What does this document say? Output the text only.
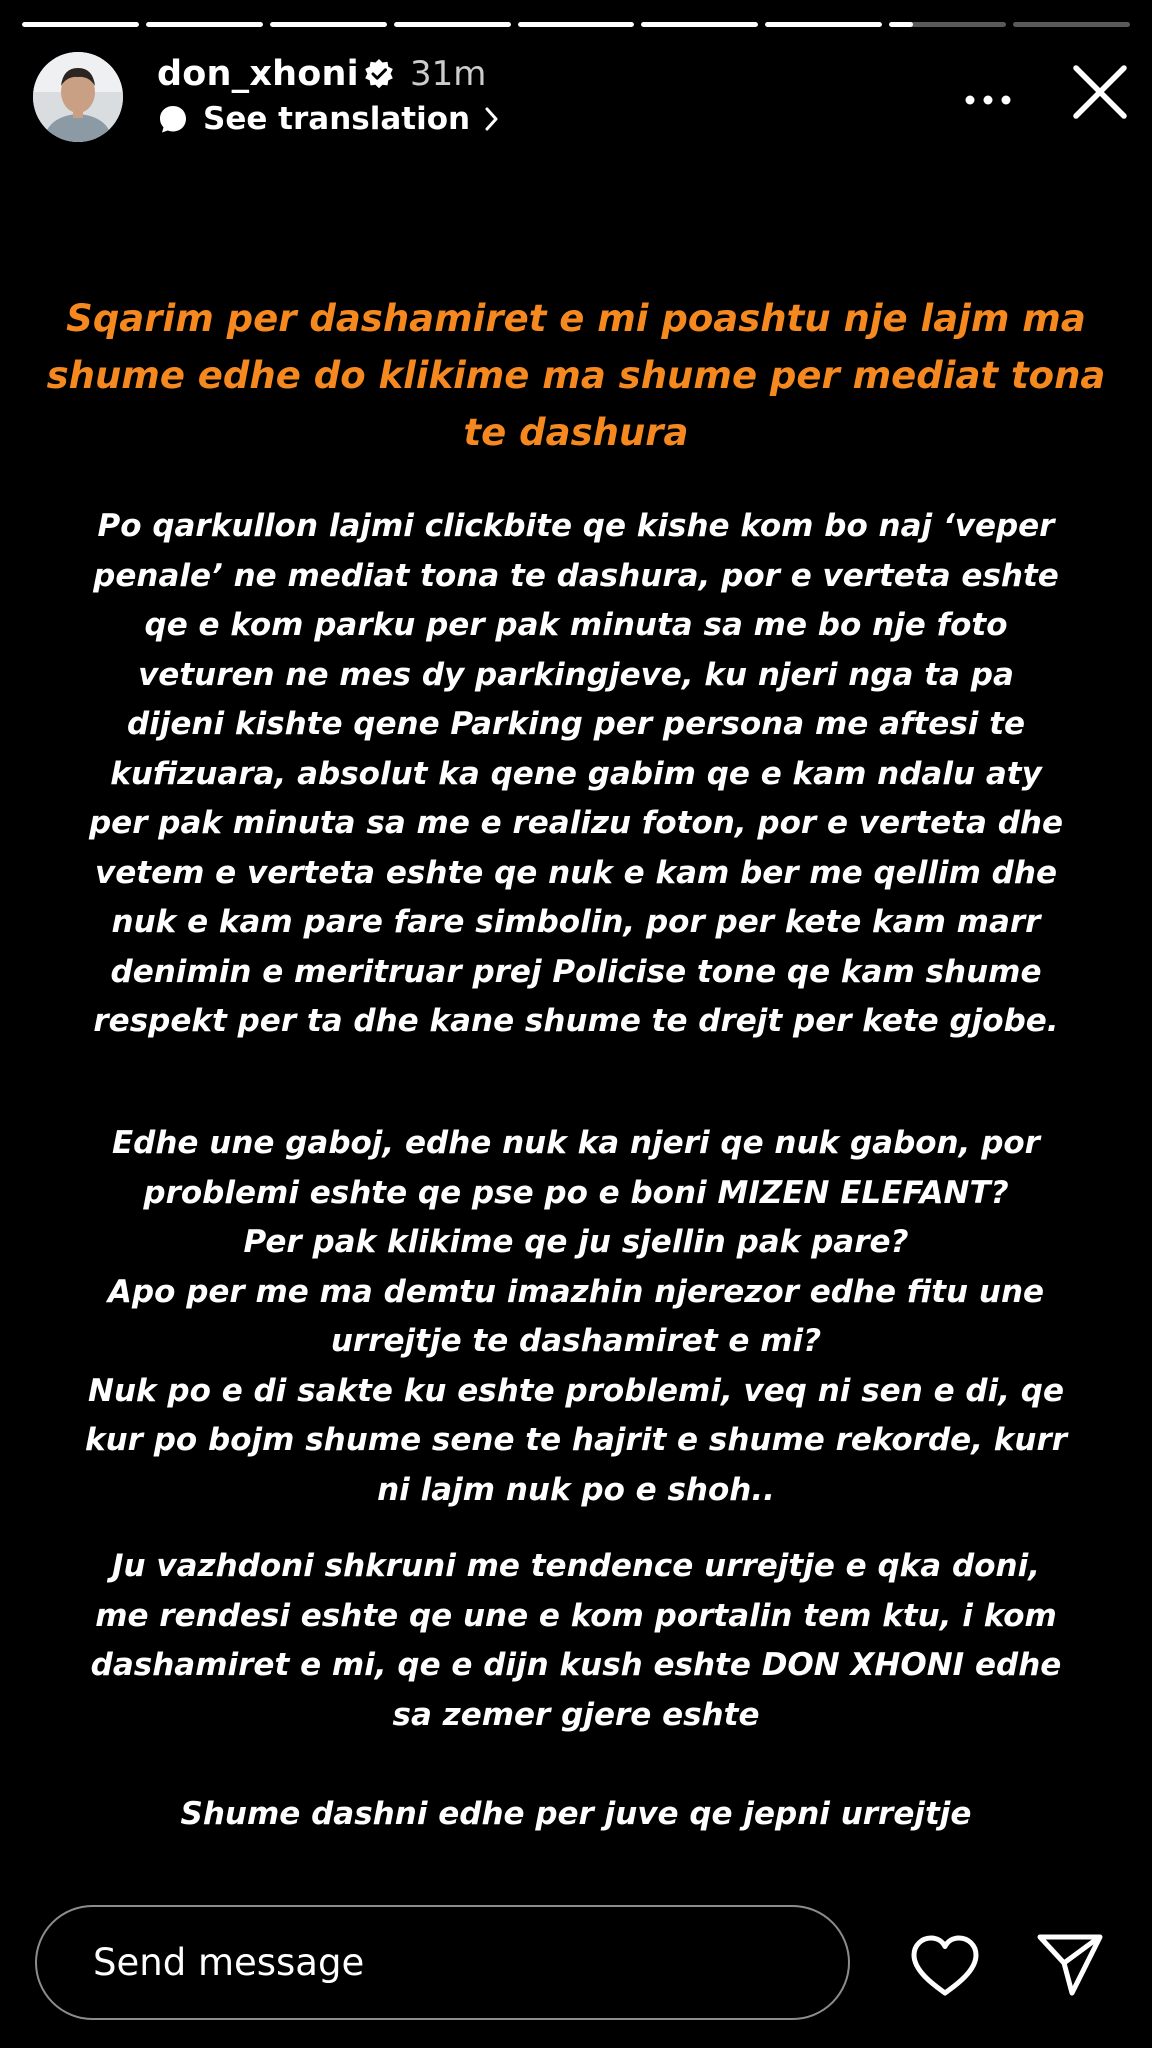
don_xhoni 31m
See translation

Sqarim per dashamiret e mi poashtu nje lajm ma shume edhe do klikime ma shume per mediat tona te dashura

Po qarkullon lajmi clickbite qe kishe kom bo naj ‘veper
penale’ ne mediat tona te dashura, por e verteta eshte
qe e kom parku per pak minuta sa me bo nje foto
veturen ne mes dy parkingjeve, ku njeri nga ta pa
dijeni kishte qene Parking per persona me aftesi te
kufizuara, absolut ka qene gabim qe e kam ndalu aty
per pak minuta sa me e realizu foton, por e verteta dhe
vetem e verteta eshte qe nuk e kam ber me qellim dhe
nuk e kam pare fare simbolin, por per kete kam marr
denimin e meritruar prej Policise tone qe kam shume
respekt per ta dhe kane shume te drejt per kete gjobe.

Edhe une gaboj, edhe nuk ka njeri qe nuk gabon, por
problemi eshte qe pse po e boni MIZEN ELEFANT?
Per pak klikime qe ju sjellin pak pare?
Apo per me ma demtu imazhin njerezor edhe fitu une
urrejtje te dashamiret e mi?
Nuk po e di sakte ku eshte problemi, veq ni sen e di, qe
kur po bojm shume sene te hajrit e shume rekorde, kurr
ni lajm nuk po e shoh..

Ju vazhdoni shkruni me tendence urrejtje e qka doni,
me rendesi eshte qe une e kom portalin tem ktu, i kom
dashamiret e mi, qe e dijn kush eshte DON XHONI edhe
sa zemer gjere eshte

Shume dashni edhe per juve qe jepni urrejtje

Send message
